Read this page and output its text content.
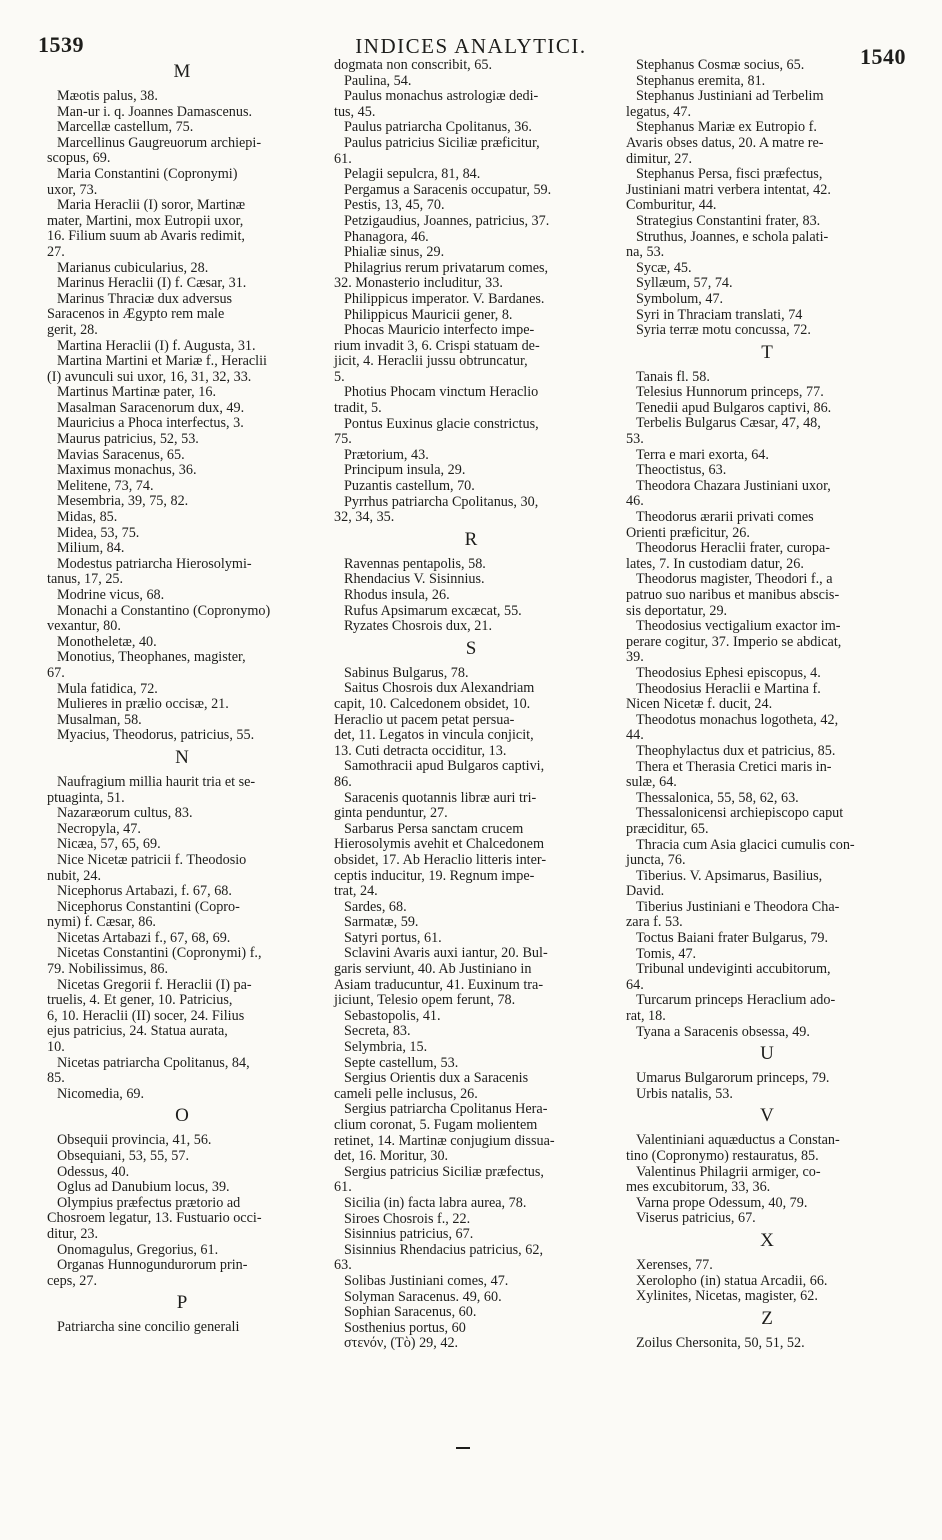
1539	INDICES ANALYTICI.	1540
M
Mæotis palus, 38.
Man-ur i. q. Joannes Damascenus.
Marcellæ castellum, 75.
Marcellinus Gaugreuorum archiepi-
scopus, 69.
Maria Constantini (Copronymi)
uxor, 73.
Maria Heraclii (I) soror, Martinæ
mater, Martini, mox Eutropii uxor,
16. Filium suum ab Avaris redimit,
27.
Marianus cubicularius, 28.
Marinus Heraclii (I) f. Cæsar, 31.
Marinus Thraciæ dux adversus
Saracenos in Ægypto rem male
gerit, 28.
Martina Heraclii (I) f. Augusta, 31.
Martina Martini et Mariæ f., Heraclii
(I) avunculi sui uxor, 16, 31, 32, 33.
Martinus Martinæ pater, 16.
Masalman Saracenorum dux, 49.
Mauricius a Phoca interfectus, 3.
Maurus patricius, 52, 53.
Mavias Saracenus, 65.
Maximus monachus, 36.
Melitene, 73, 74.
Mesembria, 39, 75, 82.
Midas, 85.
Midea, 53, 75.
Milium, 84.
Modestus patriarcha Hierosolymi-
tanus, 17, 25.
Modrine vicus, 68.
Monachi a Constantino (Copronymo)
vexantur, 80.
Monotheletæ, 40.
Monotius, Theophanes, magister,
67.
Mula fatidica, 72.
Mulieres in prælio occisæ, 21.
Musalman, 58.
Myacius, Theodorus, patricius, 55.
N
Naufragium millia haurit tria et se-
ptuaginta, 51.
Nazaræorum cultus, 83.
Necropyla, 47.
Nicæa, 57, 65, 69.
Nice Nicetæ patricii f. Theodosio
nubit, 24.
Nicephorus Artabazi, f. 67, 68.
Nicephorus Constantini (Copro-
nymi) f. Cæsar, 86.
Nicetas Artabazi f., 67, 68, 69.
Nicetas Constantini (Copronymi) f.,
79. Nobilissimus, 86.
Nicetas Gregorii f. Heraclii (I) pa-
truelis, 4. Et gener, 10. Patricius,
6, 10. Heraclii (II) socer, 24. Filius
ejus patricius, 24. Statua aurata,
10.
Nicetas patriarcha Cpolitanus, 84,
85.
Nicomedia, 69.
O
Obsequii provincia, 41, 56.
Obsequiani, 53, 55, 57.
Odessus, 40.
Oglus ad Danubium locus, 39.
Olympius præfectus prætorio ad
Chosroem legatur, 13. Fustuario occi-
ditur, 23.
Onomagulus, Gregorius, 61.
Organas Hunnogundurorum prin-
ceps, 27.
P
Patriarcha sine concilio generali
dogmata non conscribit, 65.
Paulina, 54.
Paulus monachus astrologiæ dedi-
tus, 45.
Paulus patriarcha Cpolitanus, 36.
Paulus patricius Siciliæ præficitur,
61.
Pelagii sepulcra, 81, 84.
Pergamus a Saracenis occupatur, 59.
Pestis, 13, 45, 70.
Petzigaudius, Joannes, patricius, 37.
Phanagora, 46.
Phialiæ sinus, 29.
Philagrius rerum privatarum comes,
32. Monasterio includitur, 33.
Philippicus imperator. V. Bardanes.
Philippicus Mauricii gener, 8.
Phocas Mauricio interfecto impe-
rium invadit 3, 6. Crispi statuam de-
jicit, 4. Heraclii jussu obtruncatur,
5.
Photius Phocam vinctum Heraclio
tradit, 5.
Pontus Euxinus glacie constrictus,
75.
Prætorium, 43.
Principum insula, 29.
Puzantis castellum, 70.
Pyrrhus patriarcha Cpolitanus, 30,
32, 34, 35.
R
Ravennas pentapolis, 58.
Rhendacius V. Sisinnius.
Rhodus insula, 26.
Rufus Apsimarum excæcat, 55.
Ryzates Chosrois dux, 21.
S
Sabinus Bulgarus, 78.
Saitus Chosrois dux Alexandriam
capit, 10. Calcedonem obsidet, 10.
Heraclio ut pacem petat persua-
det, 11. Legatos in vincula conjicit,
13. Cuti detracta occiditur, 13.
Samothracii apud Bulgaros captivi,
86.
Saracenis quotannis libræ auri tri-
ginta penduntur, 27.
Sarbarus Persa sanctam crucem
Hierosolymis avehit et Chalcedonem
obsidet, 17. Ab Heraclio litteris inter-
ceptis inducitur, 19. Regnum impe-
trat, 24.
Sardes, 68.
Sarmatæ, 59.
Satyri portus, 61.
Sclavini Avaris auxi iantur, 20. Bul-
garis serviunt, 40. Ab Justiniano in
Asiam traducuntur, 41. Euxinum tra-
jiciunt, Telesio opem ferunt, 78.
Sebastopolis, 41.
Secreta, 83.
Selymbria, 15.
Septe castellum, 53.
Sergius Orientis dux a Saracenis
cameli pelle inclusus, 26.
Sergius patriarcha Cpolitanus Hera-
clium coronat, 5. Fugam molientem
retinet, 14. Martinæ conjugium dissua-
det, 16. Moritur, 30.
Sergius patricius Siciliæ præfectus,
61.
Sicilia (in) facta labra aurea, 78.
Siroes Chosrois f., 22.
Sisinnius patricius, 67.
Sisinnius Rhendacius patricius, 62,
63.
Solibas Justiniani comes, 47.
Solyman Saracenus. 49, 60.
Sophian Saracenus, 60.
Sosthenius portus, 60
στενόν, (Τὸ) 29, 42.
Stephanus Cosmæ socius, 65.
Stephanus eremita, 81.
Stephanus Justiniani ad Terbelim
legatus, 47.
Stephanus Mariæ ex Eutropio f.
Avaris obses datus, 20. A matre re-
dimitur, 27.
Stephanus Persa, fisci præfectus,
Justiniani matri verbera intentat, 42.
Comburitur, 44.
Strategius Constantini frater, 83.
Struthus, Joannes, e schola palati-
na, 53.
Sycæ, 45.
Syllæum, 57, 74.
Symbolum, 47.
Syri in Thraciam translati, 74
Syria terræ motu concussa, 72.
T
Tanais fl. 58.
Telesius Hunnorum princeps, 77.
Tenedii apud Bulgaros captivi, 86.
Terbelis Bulgarus Cæsar, 47, 48,
53.
Terra e mari exorta, 64.
Theoctistus, 63.
Theodora Chazara Justiniani uxor,
46.
Theodorus ærarii privati comes
Orienti præficitur, 26.
Theodorus Heraclii frater, curopa-
lates, 7. In custodiam datur, 26.
Theodorus magister, Theodori f., a
patruo suo naribus et manibus abscis-
sis deportatur, 29.
Theodosius vectigalium exactor im-
perare cogitur, 37. Imperio se abdicat,
39.
Theodosius Ephesi episcopus, 4.
Theodosius Heraclii e Martina f.
Nicen Nicetæ f. ducit, 24.
Theodotus monachus logotheta, 42,
44.
Theophylactus dux et patricius, 85.
Thera et Therasia Cretici maris in-
sulæ, 64.
Thessalonica, 55, 58, 62, 63.
Thessalonicensi archiepiscopo caput
præciditur, 65.
Thracia cum Asia glacici cumulis con-
juncta, 76.
Tiberius. V. Apsimarus, Basilius,
David.
Tiberius Justiniani e Theodora Cha-
zara f. 53.
Toctus Baiani frater Bulgarus, 79.
Tomis, 47.
Tribunal undeviginti accubitorum,
64.
Turcarum princeps Heraclium ado-
rat, 18.
Tyana a Saracenis obsessa, 49.
U
Umarus Bulgarorum princeps, 79.
Urbis natalis, 53.
V
Valentiniani aquæductus a Constan-
tino (Copronymo) restauratus, 85.
Valentinus Philagrii armiger, co-
mes excubitorum, 33, 36.
Varna prope Odessum, 40, 79.
Viserus patricius, 67.
X
Xerenses, 77.
Xerolopho (in) statua Arcadii, 66.
Xylinites, Nicetas, magister, 62.
Z
Zoilus Chersonita, 50, 51, 52.
